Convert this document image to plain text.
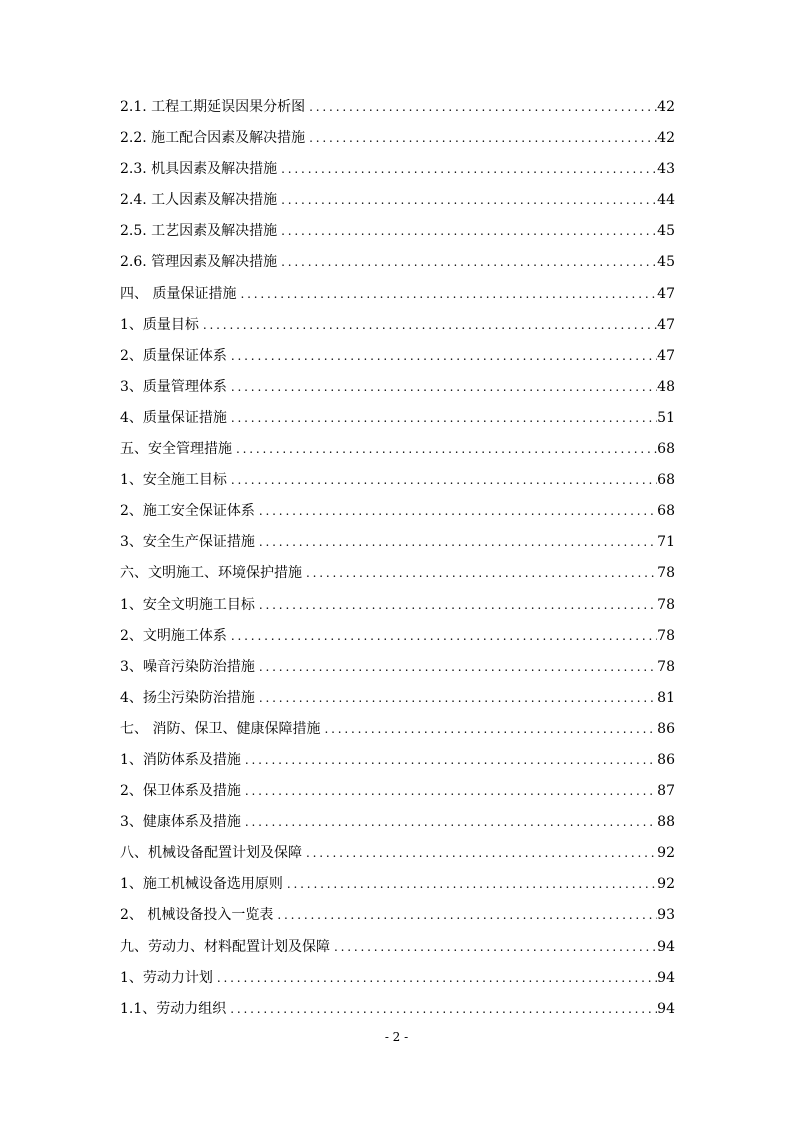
2.1. 工程工期延误因果分析图 . . .	42
2.2. 施工配合因素及解决措施 . . .	42
2.3. 机具因素及解决措施 . . .	43
2.4. 工人因素及解决措施 . . .	44
2.5. 工艺因素及解决措施 . . .	45
2.6. 管理因素及解决措施 . . .	45
四、 质量保证措施 . . .	47
1、质量目标 . . .	47
2、质量保证体系 . . .	47
3、质量管理体系 . . .	48
4、质量保证措施 . . .	51
五、安全管理措施 . . .	68
1、安全施工目标 . . .	68
2、施工安全保证体系 . . .	68
3、安全生产保证措施 . . .	71
六、文明施工、环境保护措施 . . .	78
1、安全文明施工目标 . . .	78
2、文明施工体系 . . .	78
3、噪音污染防治措施 . . .	78
4、扬尘污染防治措施 . . .	81
七、 消防、保卫、健康保障措施 . . .	86
1、消防体系及措施 . . .	86
2、保卫体系及措施 . . .	87
3、健康体系及措施 . . .	88
八、机械设备配置计划及保障 . . .	92
1、施工机械设备选用原则 . . .	92
2、 机械设备投入一览表 . . .	93
九、劳动力、材料配置计划及保障 . . .	94
1、劳动力计划 . . .	94
1.1、劳动力组织 . . .	94
- 2 -
